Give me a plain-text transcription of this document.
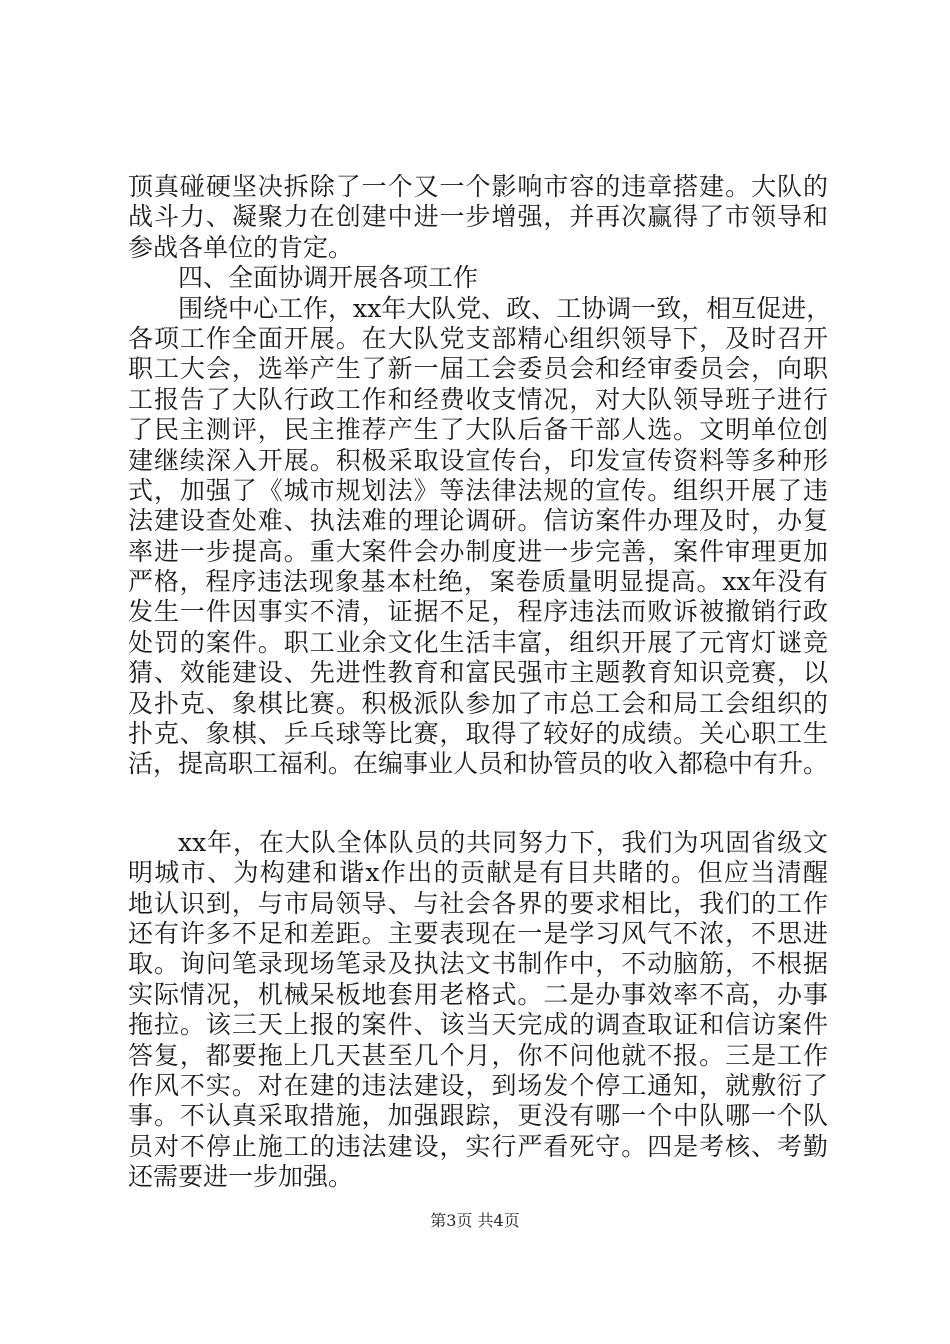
顶真碰硬坚决拆除了一个又一个影响市容的违章搭建。大队的
战斗力、凝聚力在创建中进一步增强，并再次赢得了市领导和
参战各单位的肯定。
四、全面协调开展各项工作
围绕中心工作，xx年大队党、政、工协调一致，相互促进，
各项工作全面开展。在大队党支部精心组织领导下，及时召开
职工大会，选举产生了新一届工会委员会和经审委员会，向职
工报告了大队行政工作和经费收支情况，对大队领导班子进行
了民主测评，民主推荐产生了大队后备干部人选。文明单位创
建继续深入开展。积极采取设宣传台，印发宣传资料等多种形
式，加强了《城市规划法》等法律法规的宣传。组织开展了违
法建设查处难、执法难的理论调研。信访案件办理及时，办复
率进一步提高。重大案件会办制度进一步完善，案件审理更加
严格，程序违法现象基本杜绝，案卷质量明显提高。xx年没有
发生一件因事实不清，证据不足，程序违法而败诉被撤销行政
处罚的案件。职工业余文化生活丰富，组织开展了元宵灯谜竞
猜、效能建设、先进性教育和富民强市主题教育知识竞赛，以
及扑克、象棋比赛。积极派队参加了市总工会和局工会组织的
扑克、象棋、乒乓球等比赛，取得了较好的成绩。关心职工生
活，提高职工福利。在编事业人员和协管员的收入都稳中有升。
xx年，在大队全体队员的共同努力下，我们为巩固省级文
明城市、为构建和谐x作出的贡献是有目共睹的。但应当清醒
地认识到，与市局领导、与社会各界的要求相比，我们的工作
还有许多不足和差距。主要表现在一是学习风气不浓，不思进
取。询问笔录现场笔录及执法文书制作中，不动脑筋，不根据
实际情况，机械呆板地套用老格式。二是办事效率不高，办事
拖拉。该三天上报的案件、该当天完成的调查取证和信访案件
答复，都要拖上几天甚至几个月，你不问他就不报。三是工作
作风不实。对在建的违法建设，到场发个停工通知，就敷衍了
事。不认真采取措施，加强跟踪，更没有哪一个中队哪一个队
员对不停止施工的违法建设，实行严看死守。四是考核、考勤
还需要进一步加强。
第3页 共4页
